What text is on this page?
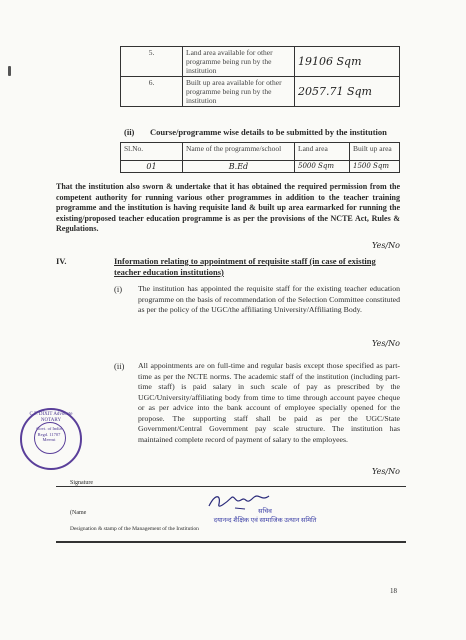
5.	Land area available for other programme being run by the institution	19106 Sqm
6.	Built up area available for other programme being run by the institution	2057.71 Sqm
(ii) Course/programme wise details to be submitted by the institution
Sl.No.	Name of the programme/school	Land area	Built up area
01	B.Ed	5000 Sqm	1500 Sqm
That the institution also sworn & undertake that it has obtained the required permission from the competent authority for running various other programmes in addition to the teacher training programme and the institution is having requisite land & built up area earmarked for running the existing/proposed teacher education programme is as per the provisions of the NCTE Act, Rules & Regulations.
Yes/No
IV.	Information relating to appointment of requisite staff (in case of existing teacher education institutions)
(i) The institution has appointed the requisite staff for the existing teacher education programme on the basis of recommendation of the Selection Committee constituted as per the policy of the UGC/the affiliating University/Affiliating Body.
Yes/No
(ii) All appointments are on full-time and regular basis except those specified as part-time as per the NCTE norms. The academic staff of the institution (including part-time staff) is paid salary in such scale of pay as prescribed by the UGC/University/affiliating body from time to time through account payee cheque or as per advice into the bank account of employee specially opened for the propose. The supporting staff shall be paid as per the UGC/State Government/Central Government pay scale structure. The institution has maintained complete record of payment of salary to the employees.
Yes/No
C.P. DIXIT Advocate NOTARY
Govt. of India Regd. 11707 Meerut
Signature
सचिव
दयानन्द शैक्षिक एवं सामाजिक उत्थान समिति
(Name
Designation & stamp of the Management of the Institution
18
